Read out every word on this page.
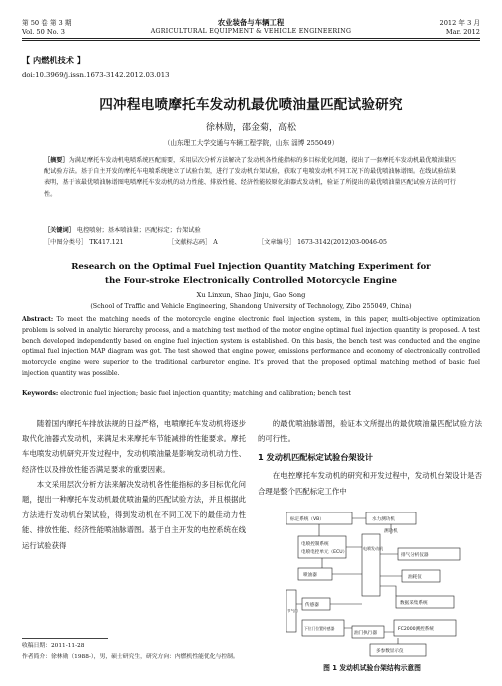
第 50 卷 第 3 期	农业装备与车辆工程	2012 年 3 月
Vol. 50 No. 3	AGRICULTURAL EQUIPMENT & VEHICLE ENGINEERING	Mar. 2012
【 内燃机技术 】
doi:10.3969/j.issn.1673-3142.2012.03.013
四冲程电喷摩托车发动机最优喷油量匹配试验研究
徐林勋，邵金菊，高松
（山东理工大学交通与车辆工程学院，山东 淄博 255049）
［摘要］为满足摩托车发动机电喷系统匹配需要，采用层次分析方法解决了发动机各性能指标的多目标优化问题，提出了一套摩托车发动机最优喷油量匹配试验方法。基于自主开发的摩托车电喷系统建立了试验台架，进行了发动机台架试验，获取了电喷发动机不同工况下的最优喷油脉谱图。在线试验结果表明，基于该最优喷油脉谱图电喷摩托车发动机的动力性能、排放性能、经济性能较原化油器式发动机，验证了所提出的最优喷油量匹配试验方法的可行性。
［关键词］ 电控喷射；基本喷油量；匹配标定；台架试验
［中图分类号］ TK417.121	［文献标志码］ A	［文章编号］ 1673-3142(2012)03-0046-05
Research on the Optimal Fuel Injection Quantity Matching Experiment for
the Four-stroke Electronically Controlled Motorcycle Engine
Xu Linxun, Shao Jinju, Gao Song
(School of Traffic and Vehicle Engineering, Shandong University of Technology, Zibo 255049, China)
Abstract: To meet the matching needs of the motorcycle engine electronic fuel injection system, in this paper, multi-objective optimization problem is solved in analytic hierarchy process, and a matching test method of the motor engine optimal fuel injection quantity is proposed. A test bench developed independently based on engine fuel injection system is established. On this basis, the bench test was conducted and the engine optimal fuel injection MAP diagram was got. The test showed that engine power, emissions performance and economy of electronically controlled motorcycle engine were superior to the traditional carburetor engine. It's proved that the proposed optimal matching method of basic fuel injection quantity was possible.
Keywords: electronic fuel injection; basic fuel injection quantity; matching and calibration; bench test

随着国内摩托车排放法规的日益严格，电喷摩托车发动机将逐步取代化油器式发动机，来满足未来摩托车节能减排的性能要求。摩托车电喷发动机研究开发过程中，发动机喷油量是影响发动机动力性、经济性以及排放性能否满足要求的重要因素。

本文采用层次分析方法来解决发动机各性能指标的多目标优化问题，提出一种摩托车发动机最优喷油量的匹配试验方法，并且根据此方法进行发动机台架试验，得到发动机在不同工况下的最佳动力性能、排放性能、经济性能喷油脉谱图。基于自主开发的电控系统在线运行试验获得

的最优喷油脉谱图，验证本文所提出的最优喷油量匹配试验方法的可行性。

1 发动机匹配标定试验台架设计

在电控摩托车发动机的研究和开发过程中，发动机台架设计是否合理是整个匹配标定工作中

标定系统（VB）	水力测功机
电喷控制系统
电喷电控单元（ECU）
电喷发动机
排气分析仪器
喷油器	油耗仪
节气门
传感器	数据采集系统
下位门位置传感器
油门执行器
FC2000测控系统
多参数显示仪
测功机
图 1 发动机试验台架结构示意图
收稿日期：2011-11-28
作者简介：徐林勋（1988-），男，硕士研究生，研究方向：内燃机性能优化与控制。
